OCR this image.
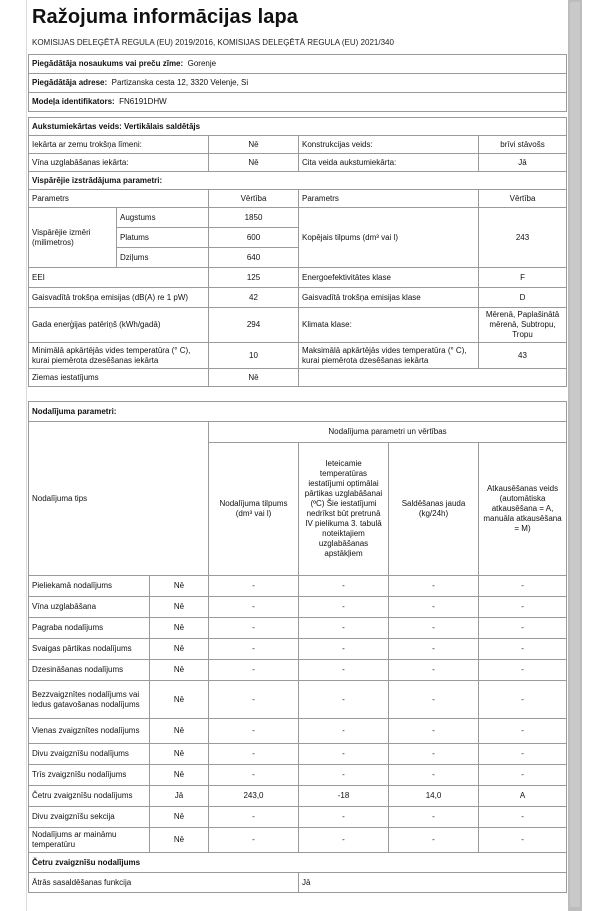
Ražojuma informācijas lapa
KOMISIJAS DELEĢĒTĀ REGULA (EU) 2019/2016, KOMISIJAS DELEĢĒTĀ REGULA (EU) 2021/340
Piegādātāja nosaukums vai preču zīme: Gorenje
Piegādātāja adrese: Partizanska cesta 12, 3320 Velenje, Si
Modeļa identifikators: FN6191DHW
Aukstumiekārtas veids: Vertikālais saldētājs				
Iekārta ar zemu trokšņa līmeni:		Nē	Konstrukcijas veids:	brīvi stāvošs
Vīna uzglabāšanas iekārta:		Nē	Cita veida aukstumiekārta:	Jā
Vispārējie izstrādājuma parametri:				
Parametrs		Vērtība	Parametrs	Vērtība
Vispārējie izmēri (milimetros)	Augstums	1850	Kopējais tilpums (dm³ vai l)	243
	Platums	600		
	Dziļums	640		
EEI		125	Energoefektivitātes klase	F
Gaisvadītā trokšņa emisijas (dB(A) re 1 pW)		42	Gaisvadītā trokšņa emisijas klase	D
Gada enerģijas patēriņš (kWh/gadā)		294	Klimata klase:	Mērenā, Paplašinātā mērenā, Subtropu, Tropu
Minimālā apkārtējās vides temperatūra (° C), kurai piemērota dzesēšanas iekārta		10	Maksimālā apkārtējās vides temperatūra (° C), kurai piemērota dzesēšanas iekārta	43
Ziemas iestatījums		Nē		
Nodalījuma parametri:					
Nodalījuma tips		Nodalījuma parametri un vērtības			
		Nodalījuma tilpums (dm³ vai l)	Ieteicamie temperatūras iestatījumi optimālai pārtikas uzglabāšanai (ºC) Šie iestatījumi nedrīkst būt pretrunā IV pielikuma 3. tabulā noteiktajiem uzglabāšanas apstākļiem	Saldēšanas jauda (kg/24h)	Atkausēšanas veids (automātiska atkausēšana = A, manuāla atkausēšana = M)
Pieliekamā nodalījums	Nē	-	-	-	-
Vīna uzglabāšana	Nē	-	-	-	-
Pagraba nodalījums	Nē	-	-	-	-
Svaigas pārtikas nodalījums	Nē	-	-	-	-
Dzesināšanas nodalījums	Nē	-	-	-	-
Bezzvaigznītes nodalījums vai ledus gatavošanas nodalījums	Nē	-	-	-	-
Vienas zvaigznītes nodalījums	Nē	-	-	-	-
Divu zvaigznīšu nodalījums	Nē	-	-	-	-
Trīs zvaigznīšu nodalījums	Nē	-	-	-	-
Četru zvaigznīšu nodalījums	Jā	243,0	-18	14,0	A
Divu zvaigznīšu sekcija	Nē	-	-	-	-
Nodalījums ar maināmu temperatūru	Nē	-	-	-	-
Četru zvaigznīšu nodalījums					
Ātrās sasaldēšanas funkcija			Jā		
